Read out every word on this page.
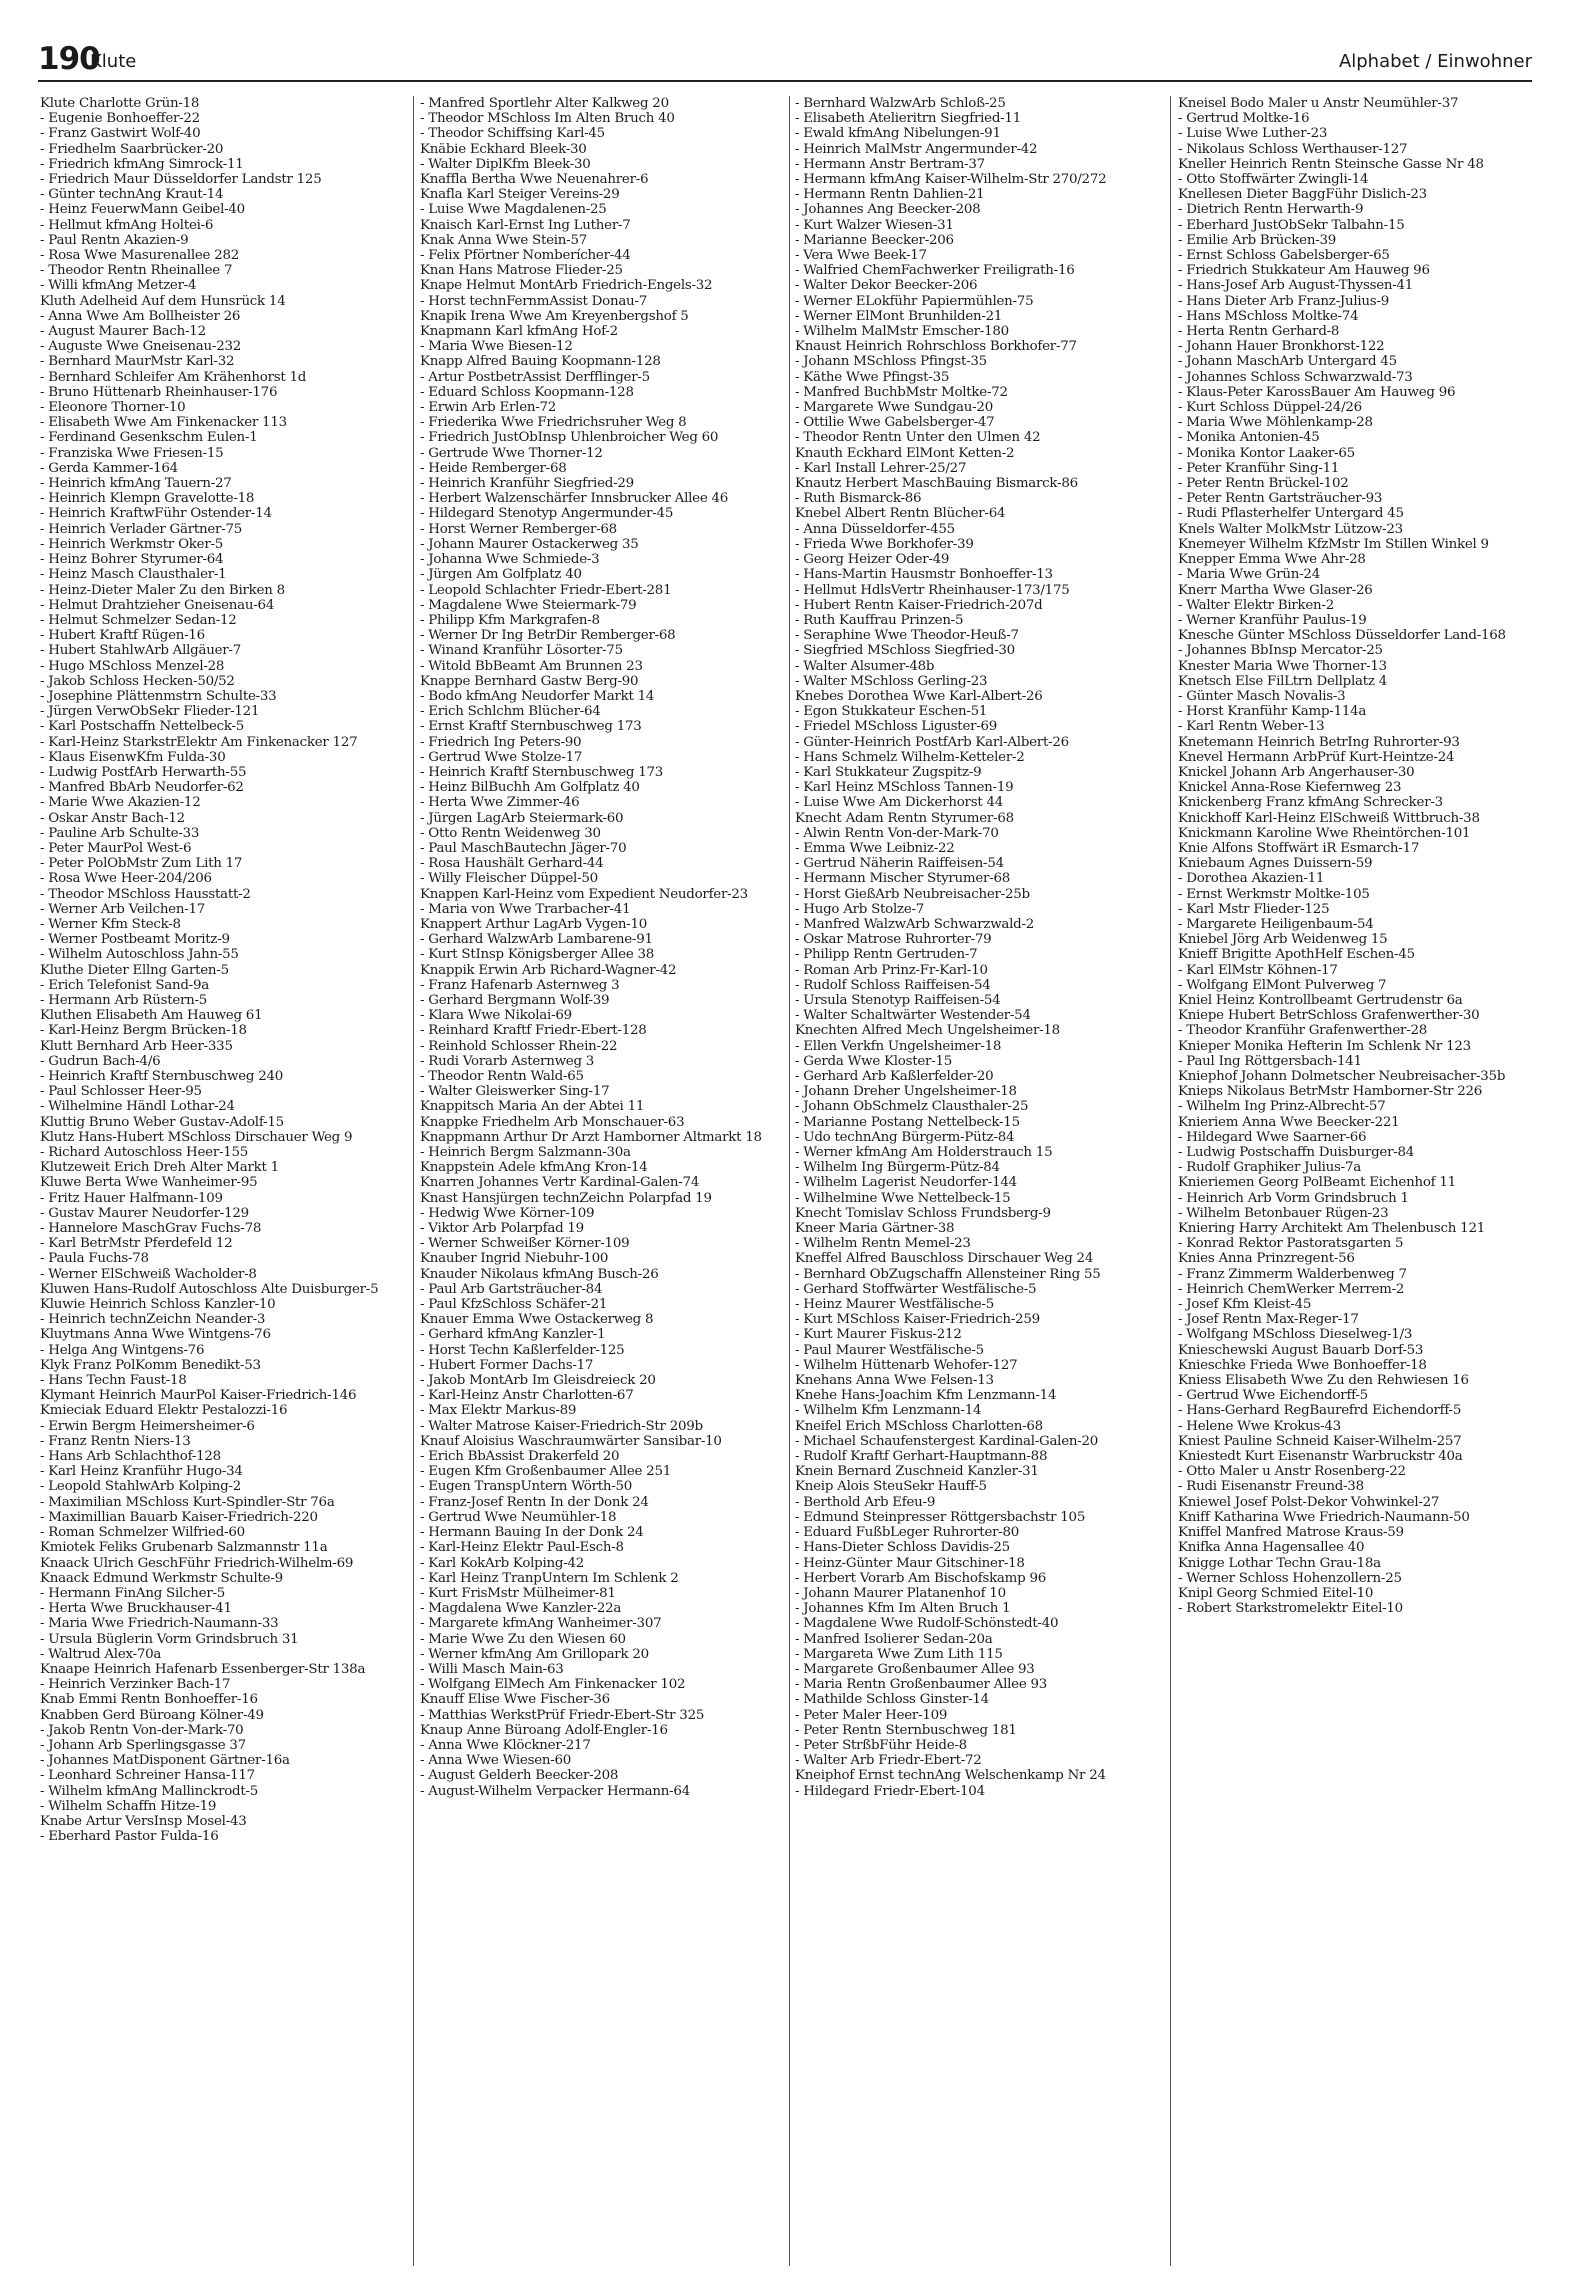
190
Klute	Alphabet / Einwohner
Klute Charlotte Grün-18
- Eugenie Bonhoeffer-22
- Franz Gastwirt Wolf-40
- Friedhelm Saarbrücker-20
- Friedrich kfmAng Simrock-11
- Friedrich Maur Düsseldorfer Landstr 125
- Günter technAng Kraut-14
- Heinz FeuerwMann Geibel-40
- Hellmut kfmAng Holtei-6
- Paul Rentn Akazien-9
- Rosa Wwe Masurenallee 282
- Theodor Rentn Rheinallee 7
- Willi kfmAng Metzer-4
Kluth Adelheid Auf dem Hunsrück 14
- Anna Wwe Am Bollheister 26
- August Maurer Bach-12
- Auguste Wwe Gneisenau-232
- Bernhard MaurMstr Karl-32
- Bernhard Schleifer Am Krähenhorst 1d
- Bruno Hüttenarb Rheinhauser-176
- Eleonore Thorner-10
- Elisabeth Wwe Am Finkenacker 113
- Ferdinand Gesenkschm Eulen-1
- Franziska Wwe Friesen-15
- Gerda Kammer-164
- Heinrich kfmAng Tauern-27
- Heinrich Klempn Gravelotte-18
- Heinrich KraftwFühr Ostender-14
- Heinrich Verlader Gärtner-75
- Heinrich Werkmstr Oker-5
- Heinz Bohrer Styrumer-64
- Heinz Masch Clausthaler-1
- Heinz-Dieter Maler Zu den Birken 8
- Helmut Drahtzieher Gneisenau-64
- Helmut Schmelzer Sedan-12
- Hubert Kraftf Rügen-16
- Hubert StahlwArb Allgäuer-7
- Hugo MSchloss Menzel-28
- Jakob Schloss Hecken-50/52
- Josephine Plättenmstrn Schulte-33
- Jürgen VerwObSekr Flieder-121
- Karl Postschaffn Nettelbeck-5
- Karl-Heinz StarkstrElektr Am Finkenacker 127
- Klaus EisenwKfm Fulda-30
- Ludwig PostfArb Herwarth-55
- Manfred BbArb Neudorfer-62
- Marie Wwe Akazien-12
- Oskar Anstr Bach-12
- Pauline Arb Schulte-33
- Peter MaurPol West-6
- Peter PolObMstr Zum Lith 17
- Rosa Wwe Heer-204/206
- Theodor MSchloss Hausstatt-2
- Werner Arb Veilchen-17
- Werner Kfm Steck-8
- Werner Postbeamt Moritz-9
- Wilhelm Autoschloss Jahn-55
Kluthe Dieter Ellng Garten-5
- Erich Telefonist Sand-9a
- Hermann Arb Rüstern-5
Kluthen Elisabeth Am Hauweg 61
- Karl-Heinz Bergm Brücken-18
Klutt Bernhard Arb Heer-335
- Gudrun Bach-4/6
- Heinrich Kraftf Sternbuschweg 240
- Paul Schlosser Heer-95
- Wilhelmine Händl Lothar-24
Kluttig Bruno Weber Gustav-Adolf-15
Klutz Hans-Hubert MSchloss Dirschauer Weg 9
- Richard Autoschloss Heer-155
Klutzeweit Erich Dreh Alter Markt 1
Kluwe Berta Wwe Wanheimer-95
- Fritz Hauer Halfmann-109
- Gustav Maurer Neudorfer-129
- Hannelore MaschGrav Fuchs-78
- Karl BetrMstr Pferdefeld 12
- Paula Fuchs-78
- Werner ElSchweiß Wacholder-8
Kluwen Hans-Rudolf Autoschloss Alte Duisburger-5
Kluwie Heinrich Schloss Kanzler-10
- Heinrich technZeichn Neander-3
Kluytmans Anna Wwe Wintgens-76
- Helga Ang Wintgens-76
Klyk Franz PolKomm Benedikt-53
- Hans Techn Faust-18
Klymant Heinrich MaurPol Kaiser-Friedrich-146
Kmieciak Eduard Elektr Pestalozzi-16
- Erwin Bergm Heimersheimer-6
- Franz Rentn Niers-13
- Hans Arb Schlachthof-128
- Karl Heinz Kranführ Hugo-34
- Leopold StahlwArb Kolping-2
- Maximilian MSchloss Kurt-Spindler-Str 76a
- Maximillian Bauarb Kaiser-Friedrich-220
- Roman Schmelzer Wilfried-60
Kmiotek Feliks Grubenarb Salzmannstr 11a
Knaack Ulrich GeschFühr Friedrich-Wilhelm-69
Knaack Edmund Werkmstr Schulte-9
- Hermann FinAng Silcher-5
- Herta Wwe Bruckhauser-41
- Maria Wwe Friedrich-Naumann-33
- Ursula Büglerin Vorm Grindsbruch 31
- Waltrud Alex-70a
Knaape Heinrich Hafenarb Essenberger-Str 138a
- Heinrich Verzinker Bach-17
Knab Emmi Rentn Bonhoeffer-16
Knabben Gerd Büroang Kölner-49
- Jakob Rentn Von-der-Mark-70
- Johann Arb Sperlingsgasse 37
- Johannes MatDisponent Gärtner-16a
- Leonhard Schreiner Hansa-117
- Wilhelm kfmAng Mallinckrodt-5
- Wilhelm Schaffn Hitze-19
Knabe Artur VersInsp Mosel-43
- Eberhard Pastor Fulda-16
- Manfred Sportlehr Alter Kalkweg 20
- Theodor MSchloss Im Alten Bruch 40
- Theodor Schiffsing Karl-45
Knäbie Eckhard Bleek-30
- Walter DiplKfm Bleek-30
Knaffla Bertha Wwe Neuenahrer-6
Knafla Karl Steiger Vereins-29
- Luise Wwe Magdalenen-25
Knaisch Karl-Ernst Ing Luther-7
Knak Anna Wwe Stein-57
- Felix Pförtner Nomberícher-44
Knan Hans Matrose Flieder-25
Knape Helmut MontArb Friedrich-Engels-32
- Horst technFernmAssist Donau-7
Knapik Irena Wwe Am Kreyenbergshof 5
Knapmann Karl kfmAng Hof-2
- Maria Wwe Biesen-12
Knapp Alfred Bauing Koopmann-128
- Artur PostbetrAssist Derfflinger-5
- Eduard Schloss Koopmann-128
- Erwin Arb Erlen-72
- Friederika Wwe Friedrichsruher Weg 8
- Friedrich JustObInsp Uhlenbroicher Weg 60
- Gertrude Wwe Thorner-12
- Heide Remberger-68
- Heinrich Kranführ Siegfried-29
- Herbert Walzenschärfer Innsbrucker Allee 46
- Hildegard Stenotyp Angermunder-45
- Horst Werner Remberger-68
- Johann Maurer Ostackerweg 35
- Johanna Wwe Schmiede-3
- Jürgen Am Golfplatz 40
- Leopold Schlachter Friedr-Ebert-281
- Magdalene Wwe Steiermark-79
- Philipp Kfm Markgrafen-8
- Werner Dr Ing BetrDir Remberger-68
- Winand Kranführ Lösorter-75
- Witold BbBeamt Am Brunnen 23
Knappe Bernhard Gastw Berg-90
- Bodo kfmAng Neudorfer Markt 14
- Erich Schlchm Blücher-64
- Ernst Kraftf Sternbuschweg 173
- Friedrich Ing Peters-90
- Gertrud Wwe Stolze-17
- Heinrich Kraftf Sternbuschweg 173
- Heinz BilBuchh Am Golfplatz 40
- Herta Wwe Zimmer-46
- Jürgen LagArb Steiermark-60
- Otto Rentn Weidenweg 30
- Paul MaschBautechn Jäger-70
- Rosa Haushält Gerhard-44
- Willy Fleischer Düppel-50
Knappen Karl-Heinz vom Expedient Neudorfer-23
- Maria von Wwe Trarbacher-41
Knappert Arthur LagArb Vygen-10
- Gerhard WalzwArb Lambarene-91
- Kurt StInsp Königsberger Allee 38
Knappik Erwin Arb Richard-Wagner-42
- Franz Hafenarb Asternweg 3
- Gerhard Bergmann Wolf-39
- Klara Wwe Nikolai-69
- Reinhard Kraftf Friedr-Ebert-128
- Reinhold Schlosser Rhein-22
- Rudi Vorarb Asternweg 3
- Theodor Rentn Wald-65
- Walter Gleiswerker Sing-17
Knappitsch Maria An der Abtei 11
Knappke Friedhelm Arb Monschauer-63
Knappmann Arthur Dr Arzt Hamborner Altmarkt 18
- Heinrich Bergm Salzmann-30a
Knappstein Adele kfmAng Kron-14
Knarren Johannes Vertr Kardinal-Galen-74
Knast Hansjürgen technZeichn Polarpfad 19
- Hedwig Wwe Körner-109
- Viktor Arb Polarpfad 19
- Werner Schweißer Körner-109
Knauber Ingrid Niebuhr-100
Knauder Nikolaus kfmAng Busch-26
- Paul Arb Gartsträucher-84
- Paul KfzSchloss Schäfer-21
Knauer Emma Wwe Ostackerweg 8
- Gerhard kfmAng Kanzler-1
- Horst Techn Kaßlerfelder-125
- Hubert Former Dachs-17
- Jakob MontArb Im Gleisdreieck 20
- Karl-Heinz Anstr Charlotten-67
- Max Elektr Markus-89
- Walter Matrose Kaiser-Friedrich-Str 209b
Knauf Aloisius Waschraumwärter Sansibar-10
- Erich BbAssist Drakerfeld 20
- Eugen Kfm Großenbaumer Allee 251
- Eugen TranspUntern Wörth-50
- Franz-Josef Rentn In der Donk 24
- Gertrud Wwe Neumühler-18
- Hermann Bauing In der Donk 24
- Karl-Heinz Elektr Paul-Esch-8
- Karl KokArb Kolping-42
- Karl Heinz TranpUntern Im Schlenk 2
- Kurt FrisMstr Mülheimer-81
- Magdalena Wwe Kanzler-22a
- Margarete kfmAng Wanheimer-307
- Marie Wwe Zu den Wiesen 60
- Werner kfmAng Am Grillopark 20
- Willi Masch Main-63
- Wolfgang ElMech Am Finkenacker 102
Knauff Elise Wwe Fischer-36
- Matthias WerkstPrüf Friedr-Ebert-Str 325
Knaup Anne Büroang Adolf-Engler-16
- Anna Wwe Klöckner-217
- Anna Wwe Wiesen-60
- August Gelderh Beecker-208
- August-Wilhelm Verpacker Hermann-64
- Bernhard WalzwArb Schloß-25
- Elisabeth Atelieritrn Siegfried-11
- Ewald kfmAng Nibelungen-91
- Heinrich MalMstr Angermunder-42
- Hermann Anstr Bertram-37
- Hermann kfmAng Kaiser-Wilhelm-Str 270/272
- Hermann Rentn Dahlien-21
- Johannes Ang Beecker-208
- Kurt Walzer Wiesen-31
- Marianne Beecker-206
- Vera Wwe Beek-17
- Walfried ChemFachwerker Freiligrath-16
- Walter Dekor Beecker-206
- Werner ELokführ Papiermühlen-75
- Werner ElMont Brunhilden-21
- Wilhelm MalMstr Emscher-180
Knaust Heinrich Rohrschloss Borkhofer-77
- Johann MSchloss Pfingst-35
- Käthe Wwe Pfingst-35
- Manfred BuchbMstr Moltke-72
- Margarete Wwe Sundgau-20
- Ottilie Wwe Gabelsberger-47
- Theodor Rentn Unter den Ulmen 42
Knauth Eckhard ElMont Ketten-2
- Karl Install Lehrer-25/27
Knautz Herbert MaschBauing Bismarck-86
- Ruth Bismarck-86
Knebel Albert Rentn Blücher-64
- Anna Düsseldorfer-455
- Frieda Wwe Borkhofer-39
- Georg Heizer Oder-49
- Hans-Martin Hausmstr Bonhoeffer-13
- Hellmut HdlsVertr Rheinhauser-173/175
- Hubert Rentn Kaiser-Friedrich-207d
- Ruth Kauffrau Prinzen-5
- Seraphine Wwe Theodor-Heuß-7
- Siegfried MSchloss Siegfried-30
- Walter Alsumer-48b
- Walter MSchloss Gerling-23
Knebes Dorothea Wwe Karl-Albert-26
- Egon Stukkateur Eschen-51
- Friedel MSchloss Liguster-69
- Günter-Heinrich PostfArb Karl-Albert-26
- Hans Schmelz Wilhelm-Ketteler-2
- Karl Stukkateur Zugspitz-9
- Karl Heinz MSchloss Tannen-19
- Luise Wwe Am Dickerhorst 44
Knecht Adam Rentn Styrumer-68
- Alwin Rentn Von-der-Mark-70
- Emma Wwe Leibniz-22
- Gertrud Näherin Raiffeisen-54
- Hermann Mischer Styrumer-68
- Horst GießArb Neubreisacher-25b
- Hugo Arb Stolze-7
- Manfred WalzwArb Schwarzwald-2
- Oskar Matrose Ruhrorter-79
- Philipp Rentn Gertruden-7
- Roman Arb Prinz-Fr-Karl-10
- Rudolf Schloss Raiffeisen-54
- Ursula Stenotyp Raiffeisen-54
- Walter Schaltwärter Westender-54
Knechten Alfred Mech Ungelsheimer-18
- Ellen Verkfn Ungelsheimer-18
- Gerda Wwe Kloster-15
- Gerhard Arb Kaßlerfelder-20
- Johann Dreher Ungelsheimer-18
- Johann ObSchmelz Clausthaler-25
- Marianne Postang Nettelbeck-15
- Udo technAng Bürgerm-Pütz-84
- Werner kfmAng Am Holderstrauch 15
- Wilhelm Ing Bürgerm-Pütz-84
- Wilhelm Lagerist Neudorfer-144
- Wilhelmine Wwe Nettelbeck-15
Knecht Tomislav Schloss Frundsberg-9
Kneer Maria Gärtner-38
- Wilhelm Rentn Memel-23
Kneffel Alfred Bauschloss Dirschauer Weg 24
- Bernhard ObZugschaffn Allensteiner Ring 55
- Gerhard Stoffwärter Westfälische-5
- Heinz Maurer Westfälische-5
- Kurt MSchloss Kaiser-Friedrich-259
- Kurt Maurer Fiskus-212
- Paul Maurer Westfälische-5
- Wilhelm Hüttenarb Wehofer-127
Knehans Anna Wwe Felsen-13
Knehe Hans-Joachim Kfm Lenzmann-14
- Wilhelm Kfm Lenzmann-14
Kneifel Erich MSchloss Charlotten-68
- Michael Schaufenstergest Kardinal-Galen-20
- Rudolf Kraftf Gerhart-Hauptmann-88
Knein Bernard Zuschneid Kanzler-31
Kneip Alois SteuSekr Hauff-5
- Berthold Arb Efeu-9
- Edmund Steinpresser Röttgersbachstr 105
- Eduard FußbLeger Ruhrorter-80
- Hans-Dieter Schloss Davidis-25
- Heinz-Günter Maur Gitschiner-18
- Herbert Vorarb Am Bischofskamp 96
- Johann Maurer Platanenhof 10
- Johannes Kfm Im Alten Bruch 1
- Magdalene Wwe Rudolf-Schönstedt-40
- Manfred Isolierer Sedan-20a
- Margareta Wwe Zum Lith 115
- Margarete Großenbaumer Allee 93
- Maria Rentn Großenbaumer Allee 93
- Mathilde Schloss Ginster-14
- Peter Maler Heer-109
- Peter Rentn Sternbuschweg 181
- Peter StrßbFühr Heide-8
- Walter Arb Friedr-Ebert-72
Kneiphof Ernst technAng Welschenkamp Nr 24
- Hildegard Friedr-Ebert-104
Kneisel Bodo Maler u Anstr Neumühler-37
- Gertrud Moltke-16
- Luise Wwe Luther-23
- Nikolaus Schloss Werthauser-127
Kneller Heinrich Rentn Steinsche Gasse Nr 48
- Otto Stoffwärter Zwingli-14
Knellesen Dieter BaggFühr Dislich-23
- Dietrich Rentn Herwarth-9
- Eberhard JustObSekr Talbahn-15
- Emilie Arb Brücken-39
- Ernst Schloss Gabelsberger-65
- Friedrich Stukkateur Am Hauweg 96
- Hans-Josef Arb August-Thyssen-41
- Hans Dieter Arb Franz-Julius-9
- Hans MSchloss Moltke-74
- Herta Rentn Gerhard-8
- Johann Hauer Bronkhorst-122
- Johann MaschArb Untergard 45
- Johannes Schloss Schwarzwald-73
- Klaus-Peter KarossBauer Am Hauweg 96
- Kurt Schloss Düppel-24/26
- Maria Wwe Möhlenkamp-28
- Monika Antonien-45
- Monika Kontor Laaker-65
- Peter Kranführ Sing-11
- Peter Rentn Brückel-102
- Peter Rentn Gartsträucher-93
- Rudi Pflasterhelfer Untergard 45
Knels Walter MolkMstr Lützow-23
Knemeyer Wilhelm KfzMstr Im Stillen Winkel 9
Knepper Emma Wwe Ahr-28
- Maria Wwe Grün-24
Knerr Martha Wwe Glaser-26
- Walter Elektr Birken-2
- Werner Kranführ Paulus-19
Knesche Günter MSchloss Düsseldorfer Land-168
- Johannes BbInsp Mercator-25
Knester Maria Wwe Thorner-13
Knetsch Else FilLtrn Dellplatz 4
- Günter Masch Novalis-3
- Horst Kranführ Kamp-114a
- Karl Rentn Weber-13
Knetemann Heinrich BetrIng Ruhrorter-93
Knevel Hermann ArbPrüf Kurt-Heintze-24
Knickel Johann Arb Angerhauser-30
Knickel Anna-Rose Kiefernweg 23
Knickenberg Franz kfmAng Schrecker-3
Knickhoff Karl-Heinz ElSchweiß Wittbruch-38
Knickmann Karoline Wwe Rheintörchen-101
Knie Alfons Stoffwärt iR Esmarch-17
Kniebaum Agnes Duissern-59
- Dorothea Akazien-11
- Ernst Werkmstr Moltke-105
- Karl Mstr Flieder-125
- Margarete Heiligenbaum-54
Kniebel Jörg Arb Weidenweg 15
Knieff Brigitte ApothHelf Eschen-45
- Karl ElMstr Köhnen-17
- Wolfgang ElMont Pulverweg 7
Kniel Heinz Kontrollbeamt Gertrudenstr 6a
Kniepe Hubert BetrSchloss Grafenwerther-30
- Theodor Kranführ Grafenwerther-28
Knieper Monika Hefterin Im Schlenk Nr 123
- Paul Ing Röttgersbach-141
Kniephof Johann Dolmetscher Neubreisacher-35b
Knieps Nikolaus BetrMstr Hamborner-Str 226
- Wilhelm Ing Prinz-Albrecht-57
Knieriem Anna Wwe Beecker-221
- Hildegard Wwe Saarner-66
- Ludwig Postschaffn Duisburger-84
- Rudolf Graphiker Julius-7a
Knieriemen Georg PolBeamt Eichenhof 11
- Heinrich Arb Vorm Grindsbruch 1
- Wilhelm Betonbauer Rügen-23
Kniering Harry Architekt Am Thelenbusch 121
- Konrad Rektor Pastoratsgarten 5
Knies Anna Prinzregent-56
- Franz Zimmerm Walderbenweg 7
- Heinrich ChemWerker Merrem-2
- Josef Kfm Kleist-45
- Josef Rentn Max-Reger-17
- Wolfgang MSchloss Dieselweg-1/3
Knieschewski August Bauarb Dorf-53
Knieschke Frieda Wwe Bonhoeffer-18
Kniess Elisabeth Wwe Zu den Rehwiesen 16
- Gertrud Wwe Eichendorff-5
- Hans-Gerhard RegBaurefrd Eichendorff-5
- Helene Wwe Krokus-43
Kniest Pauline Schneid Kaiser-Wilhelm-257
Kniestedt Kurt Eisenanstr Warbruckstr 40a
- Otto Maler u Anstr Rosenberg-22
- Rudi Eisenanstr Freund-38
Kniewel Josef Polst-Dekor Vohwinkel-27
Kniff Katharina Wwe Friedrich-Naumann-50
Kniffel Manfred Matrose Kraus-59
Knifka Anna Hagensallee 40
Knigge Lothar Techn Grau-18a
- Werner Schloss Hohenzollern-25
Knipl Georg Schmied Eitel-10
- Robert Starkstromelektr Eitel-10
